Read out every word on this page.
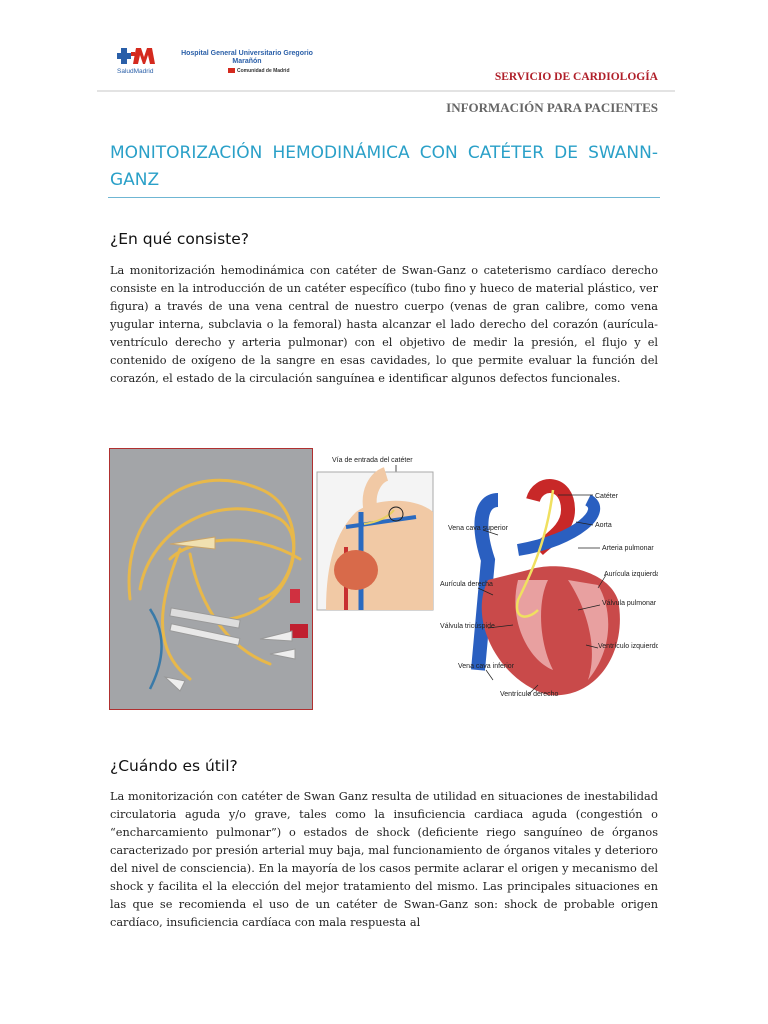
Hospital General Universitario Gregorio Marañón
SaludMadrid	Comunidad de Madrid	SERVICIO DE CARDIOLOGÍA
INFORMACIÓN PARA PACIENTES
MONITORIZACIÓN HEMODINÁMICA CON CATÉTER DE SWANN-GANZ
¿En qué consiste?
La monitorización hemodinámica con catéter de Swan-Ganz o cateterismo cardíaco derecho consiste en la introducción de un catéter específico (tubo fino y hueco de material plástico, ver figura) a través de una vena central de nuestro cuerpo (venas de gran calibre, como vena yugular interna, subclavia o la femoral) hasta alcanzar el lado derecho del corazón (aurícula- ventrículo derecho y arteria pulmonar) con el objetivo de medir la presión, el flujo y el contenido de oxígeno de la sangre en esas cavidades, lo que permite evaluar la función del corazón, el estado de la circulación sanguínea e identificar algunos defectos funcionales.
Vía de entrada del catéter
Catéter
Aorta
Arteria pulmonar
Vena cava superior
Aurícula izquierda
Aurícula derecha
Válvula pulmonar
Válvula tricúspide
Vena cava inferior
Ventrículo izquierdo
Ventrículo derecho
¿Cuándo es útil?
La monitorización con catéter de Swan Ganz resulta de utilidad en situaciones de inestabilidad circulatoria aguda y/o grave, tales como la insuficiencia cardiaca aguda (congestión o “encharcamiento pulmonar”) o estados de shock (deficiente riego sanguíneo de órganos caracterizado por presión arterial muy baja, mal funcionamiento de órganos vitales y deterioro del nivel de consciencia). En la mayoría de los casos permite aclarar el origen y mecanismo del shock y facilita el la elección del mejor tratamiento del mismo. Las principales situaciones en las que se recomienda el uso de un catéter de Swan-Ganz son: shock de probable origen cardíaco, insuficiencia cardíaca con mala respuesta al
